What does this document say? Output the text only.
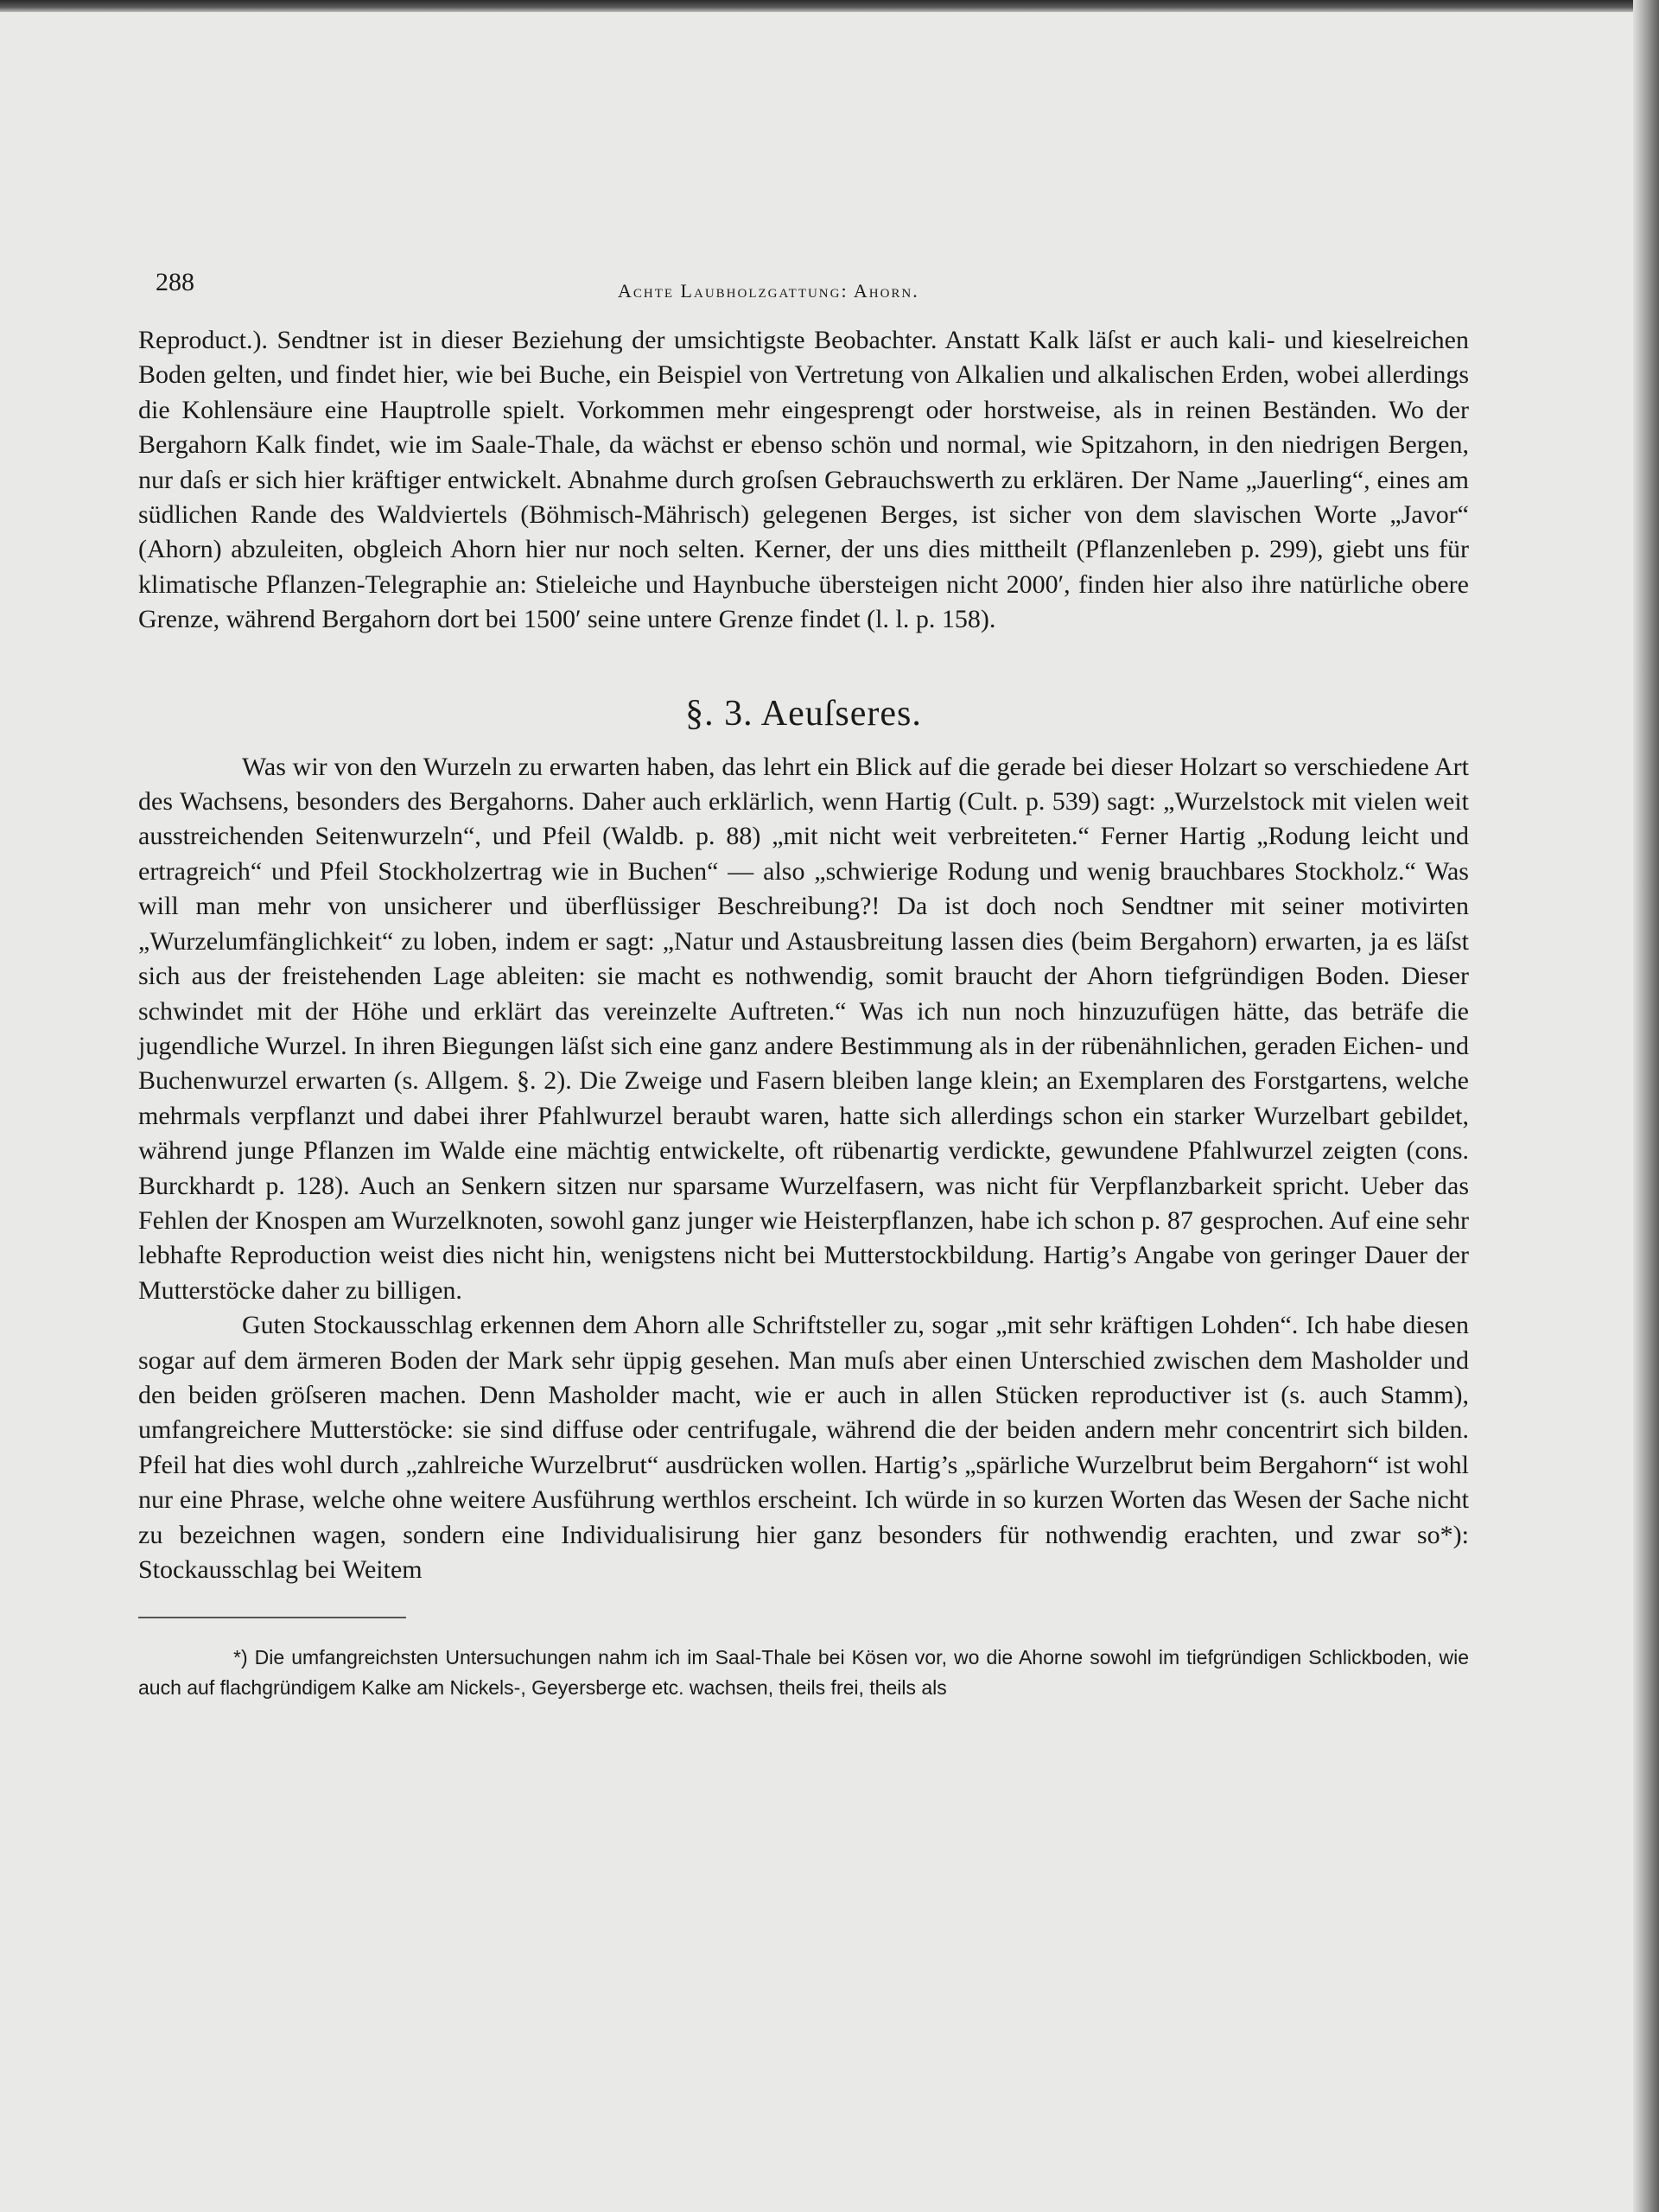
288	Achte Laubholzgattung: Ahorn.

Reproduct.). Sendtner ist in dieser Beziehung der umsichtigste Beobachter. Anstatt Kalk läſst er auch kali- und kieselreichen Boden gelten, und findet hier, wie bei Buche, ein Beispiel von Vertretung von Alkalien und alkalischen Erden, wobei allerdings die Kohlensäure eine Hauptrolle spielt. Vorkommen mehr eingesprengt oder horstweise, als in reinen Beständen. Wo der Bergahorn Kalk findet, wie im Saale-Thale, da wächst er ebenso schön und normal, wie Spitzahorn, in den niedrigen Bergen, nur daſs er sich hier kräftiger entwickelt. Abnahme durch groſsen Gebrauchswerth zu erklären. Der Name „Jauerling“, eines am südlichen Rande des Waldviertels (Böhmisch-Mährisch) gelegenen Berges, ist sicher von dem slavischen Worte „Javor“ (Ahorn) abzuleiten, obgleich Ahorn hier nur noch selten. Kerner, der uns dies mittheilt (Pflanzenleben p. 299), giebt uns für klimatische Pflanzen-Telegraphie an: Stieleiche und Haynbuche übersteigen nicht 2000′, finden hier also ihre natürliche obere Grenze, während Bergahorn dort bei 1500′ seine untere Grenze findet (l. l. p. 158).

§. 3. Aeuſseres.

Was wir von den Wurzeln zu erwarten haben, das lehrt ein Blick auf die gerade bei dieser Holzart so verschiedene Art des Wachsens, besonders des Bergahorns. Daher auch erklärlich, wenn Hartig (Cult. p. 539) sagt: „Wurzelstock mit vielen weit ausstreichenden Seitenwurzeln“, und Pfeil (Waldb. p. 88) „mit nicht weit verbreiteten.“ Ferner Hartig „Rodung leicht und ertragreich“ und Pfeil Stockholzertrag wie in Buchen“ — also „schwierige Rodung und wenig brauchbares Stockholz.“ Was will man mehr von unsicherer und überflüssiger Beschreibung?! Da ist doch noch Sendtner mit seiner motivirten „Wurzelumfänglichkeit“ zu loben, indem er sagt: „Natur und Astausbreitung lassen dies (beim Bergahorn) erwarten, ja es läſst sich aus der freistehenden Lage ableiten: sie macht es nothwendig, somit braucht der Ahorn tiefgründigen Boden. Dieser schwindet mit der Höhe und erklärt das vereinzelte Auftreten.“ Was ich nun noch hinzuzufügen hätte, das beträfe die jugendliche Wurzel. In ihren Biegungen läſst sich eine ganz andere Bestimmung als in der rübenähnlichen, geraden Eichen- und Buchenwurzel erwarten (s. Allgem. §. 2). Die Zweige und Fasern bleiben lange klein; an Exemplaren des Forstgartens, welche mehrmals verpflanzt und dabei ihrer Pfahlwurzel beraubt waren, hatte sich allerdings schon ein starker Wurzelbart gebildet, während junge Pflanzen im Walde eine mächtig entwickelte, oft rübenartig verdickte, gewundene Pfahlwurzel zeigten (cons. Burckhardt p. 128). Auch an Senkern sitzen nur sparsame Wurzelfasern, was nicht für Verpflanzbarkeit spricht. Ueber das Fehlen der Knospen am Wurzelknoten, sowohl ganz junger wie Heisterpflanzen, habe ich schon p. 87 gesprochen. Auf eine sehr lebhafte Reproduction weist dies nicht hin, wenigstens nicht bei Mutterstockbildung. Hartig’s Angabe von geringer Dauer der Mutterstöcke daher zu billigen.

Guten Stockausschlag erkennen dem Ahorn alle Schriftsteller zu, sogar „mit sehr kräftigen Lohden“. Ich habe diesen sogar auf dem ärmeren Boden der Mark sehr üppig gesehen. Man muſs aber einen Unterschied zwischen dem Masholder und den beiden gröſseren machen. Denn Masholder macht, wie er auch in allen Stücken reproductiver ist (s. auch Stamm), umfangreichere Mutterstöcke: sie sind diffuse oder centrifugale, während die der beiden andern mehr concentrirt sich bilden. Pfeil hat dies wohl durch „zahlreiche Wurzelbrut“ ausdrücken wollen. Hartig’s „spärliche Wurzelbrut beim Bergahorn“ ist wohl nur eine Phrase, welche ohne weitere Ausführung werthlos erscheint. Ich würde in so kurzen Worten das Wesen der Sache nicht zu bezeichnen wagen, sondern eine Individualisirung hier ganz besonders für nothwendig erachten, und zwar so*): Stockausschlag bei Weitem

*) Die umfangreichsten Untersuchungen nahm ich im Saal-Thale bei Kösen vor, wo die Ahorne sowohl im tiefgründigen Schlickboden, wie auch auf flachgründigem Kalke am Nickels-, Geyersberge etc. wachsen, theils frei, theils als
